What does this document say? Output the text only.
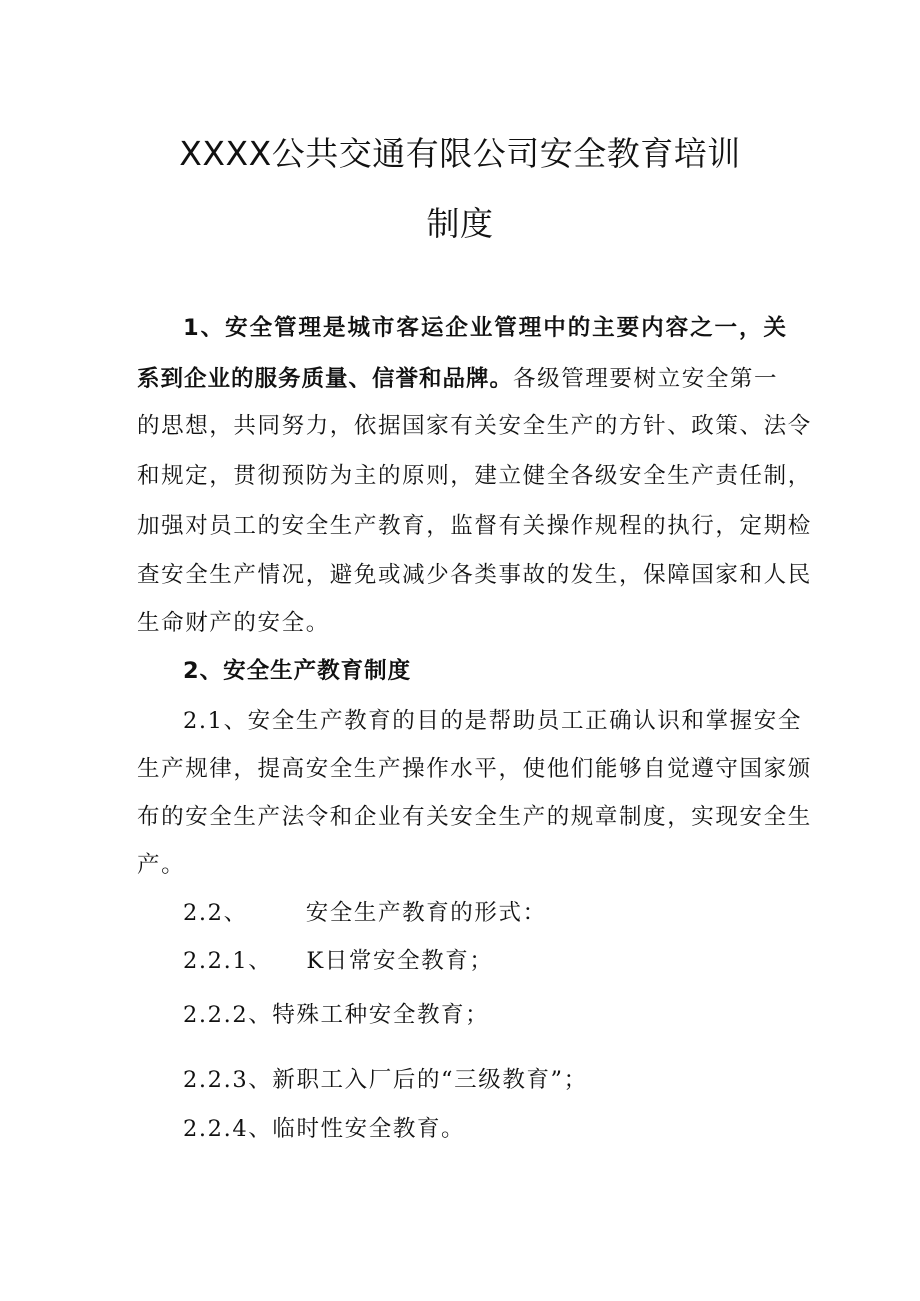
XXXX公共交通有限公司安全教育培训
制度
1、安全管理是城市客运企业管理中的主要内容之一，关
系到企业的服务质量、信誉和品牌。各级管理要树立安全第一
的思想，共同努力，依据国家有关安全生产的方针、政策、法令
和规定，贯彻预防为主的原则，建立健全各级安全生产责任制，
加强对员工的安全生产教育，监督有关操作规程的执行，定期检
查安全生产情况，避免或减少各类事故的发生，保障国家和人民
生命财产的安全。
2、安全生产教育制度
2.1、安全生产教育的目的是帮助员工正确认识和掌握安全
生产规律，提高安全生产操作水平，使他们能够自觉遵守国家颁
布的安全生产法令和企业有关安全生产的规章制度，实现安全生
产。
2.2、	安全生产教育的形式：
2.2.1、 K日常安全教育；
2.2.2、特殊工种安全教育；
2.2.3、新职工入厂后的“三级教育”；
2.2.4、临时性安全教育。
